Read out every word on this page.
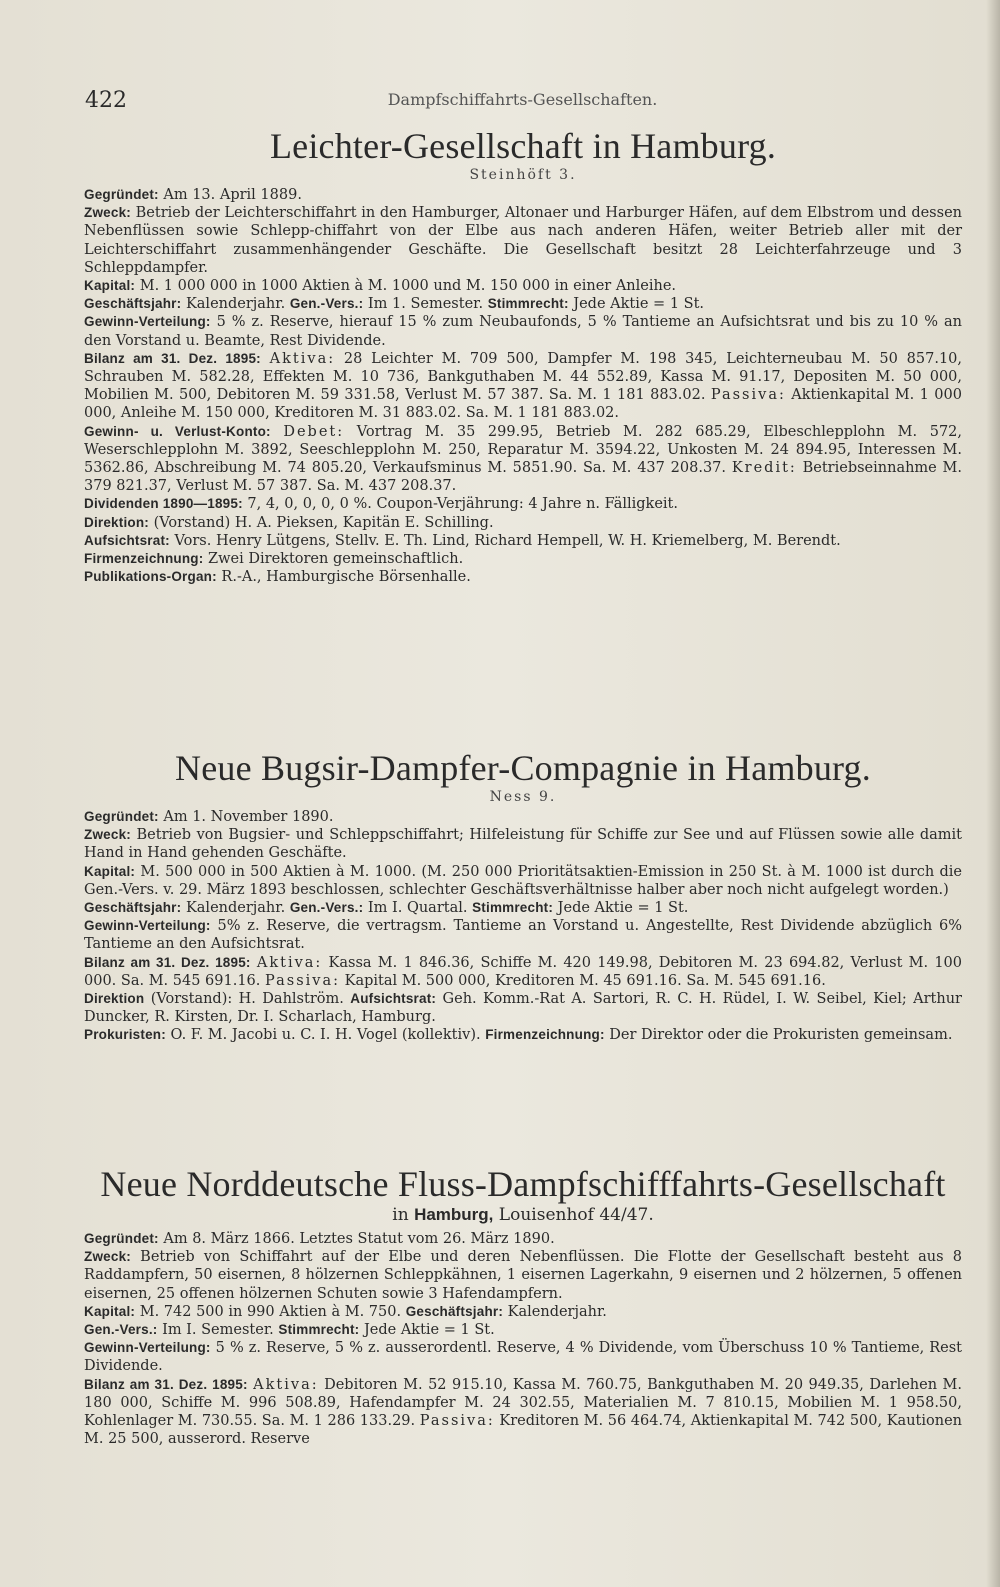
422	Dampfschiffahrts-Gesellschaften.
Leichter-Gesellschaft in Hamburg.
Steinhöft 3.

Gegründet: Am 13. April 1889.

Zweck: Betrieb der Leichterschiffahrt in den Hamburger, Altonaer und Harburger Häfen, auf dem Elbstrom und dessen Nebenflüssen sowie Schlepp-chiffahrt von der Elbe aus nach anderen Häfen, weiter Betrieb aller mit der Leichterschiffahrt zusammenhängender Geschäfte. Die Gesellschaft besitzt 28 Leichterfahrzeuge und 3 Schleppdampfer.

Kapital: M. 1 000 000 in 1000 Aktien à M. 1000 und M. 150 000 in einer Anleihe.

Geschäftsjahr: Kalenderjahr. Gen.-Vers.: Im 1. Semester. Stimmrecht: Jede Aktie = 1 St.

Gewinn-Verteilung: 5 % z. Reserve, hierauf 15 % zum Neubaufonds, 5 % Tantieme an Aufsichtsrat und bis zu 10 % an den Vorstand u. Beamte, Rest Dividende.

Bilanz am 31. Dez. 1895: Aktiva: 28 Leichter M. 709 500, Dampfer M. 198 345, Leichterneubau M. 50 857.10, Schrauben M. 582.28, Effekten M. 10 736, Bankguthaben M. 44 552.89, Kassa M. 91.17, Depositen M. 50 000, Mobilien M. 500, Debitoren M. 59 331.58, Verlust M. 57 387. Sa. M. 1 181 883.02. Passiva: Aktienkapital M. 1 000 000, Anleihe M. 150 000, Kreditoren M. 31 883.02. Sa. M. 1 181 883.02.

Gewinn- u. Verlust-Konto: Debet: Vortrag M. 35 299.95, Betrieb M. 282 685.29, Elbeschlepplohn M. 572, Weserschlepplohn M. 3892, Seeschlepplohn M. 250, Reparatur M. 3594.22, Unkosten M. 24 894.95, Interessen M. 5362.86, Abschreibung M. 74 805.20, Verkaufsminus M. 5851.90. Sa. M. 437 208.37. Kredit: Betriebseinnahme M. 379 821.37, Verlust M. 57 387. Sa. M. 437 208.37.

Dividenden 1890—1895: 7, 4, 0, 0, 0, 0 %. Coupon-Verjährung: 4 Jahre n. Fälligkeit.

Direktion: (Vorstand) H. A. Pieksen, Kapitän E. Schilling.

Aufsichtsrat: Vors. Henry Lütgens, Stellv. E. Th. Lind, Richard Hempell, W. H. Kriemelberg, M. Berendt.

Firmenzeichnung: Zwei Direktoren gemeinschaftlich.

Publikations-Organ: R.-A., Hamburgische Börsenhalle.

Neue Bugsir-Dampfer-Compagnie in Hamburg.
Ness 9.

Gegründet: Am 1. November 1890.

Zweck: Betrieb von Bugsier- und Schleppschiffahrt; Hilfeleistung für Schiffe zur See und auf Flüssen sowie alle damit Hand in Hand gehenden Geschäfte.

Kapital: M. 500 000 in 500 Aktien à M. 1000. (M. 250 000 Prioritätsaktien-Emission in 250 St. à M. 1000 ist durch die Gen.-Vers. v. 29. März 1893 beschlossen, schlechter Geschäftsverhältnisse halber aber noch nicht aufgelegt worden.)

Geschäftsjahr: Kalenderjahr. Gen.-Vers.: Im I. Quartal. Stimmrecht: Jede Aktie = 1 St.

Gewinn-Verteilung: 5% z. Reserve, die vertragsm. Tantieme an Vorstand u. Angestellte, Rest Dividende abzüglich 6% Tantieme an den Aufsichtsrat.

Bilanz am 31. Dez. 1895: Aktiva: Kassa M. 1 846.36, Schiffe M. 420 149.98, Debitoren M. 23 694.82, Verlust M. 100 000. Sa. M. 545 691.16. Passiva: Kapital M. 500 000, Kreditoren M. 45 691.16. Sa. M. 545 691.16.

Direktion (Vorstand): H. Dahlström. Aufsichtsrat: Geh. Komm.-Rat A. Sartori, R. C. H. Rüdel, I. W. Seibel, Kiel; Arthur Duncker, R. Kirsten, Dr. I. Scharlach, Hamburg.

Prokuristen: O. F. M. Jacobi u. C. I. H. Vogel (kollektiv). Firmenzeichnung: Der Direktor oder die Prokuristen gemeinsam.

Neue Norddeutsche Fluss-Dampfschifffahrts-Gesellschaft
in Hamburg, Louisenhof 44/47.

Gegründet: Am 8. März 1866. Letztes Statut vom 26. März 1890.

Zweck: Betrieb von Schiffahrt auf der Elbe und deren Nebenflüssen. Die Flotte der Gesellschaft besteht aus 8 Raddampfern, 50 eisernen, 8 hölzernen Schleppkähnen, 1 eisernen Lagerkahn, 9 eisernen und 2 hölzernen, 5 offenen eisernen, 25 offenen hölzernen Schuten sowie 3 Hafendampfern.

Kapital: M. 742 500 in 990 Aktien à M. 750. Geschäftsjahr: Kalenderjahr.

Gen.-Vers.: Im I. Semester. Stimmrecht: Jede Aktie = 1 St.

Gewinn-Verteilung: 5 % z. Reserve, 5 % z. ausserordentl. Reserve, 4 % Dividende, vom Überschuss 10 % Tantieme, Rest Dividende.

Bilanz am 31. Dez. 1895: Aktiva: Debitoren M. 52 915.10, Kassa M. 760.75, Bankguthaben M. 20 949.35, Darlehen M. 180 000, Schiffe M. 996 508.89, Hafendampfer M. 24 302.55, Materialien M. 7 810.15, Mobilien M. 1 958.50, Kohlenlager M. 730.55. Sa. M. 1 286 133.29. Passiva: Kreditoren M. 56 464.74, Aktienkapital M. 742 500, Kautionen M. 25 500, ausserord. Reserve
